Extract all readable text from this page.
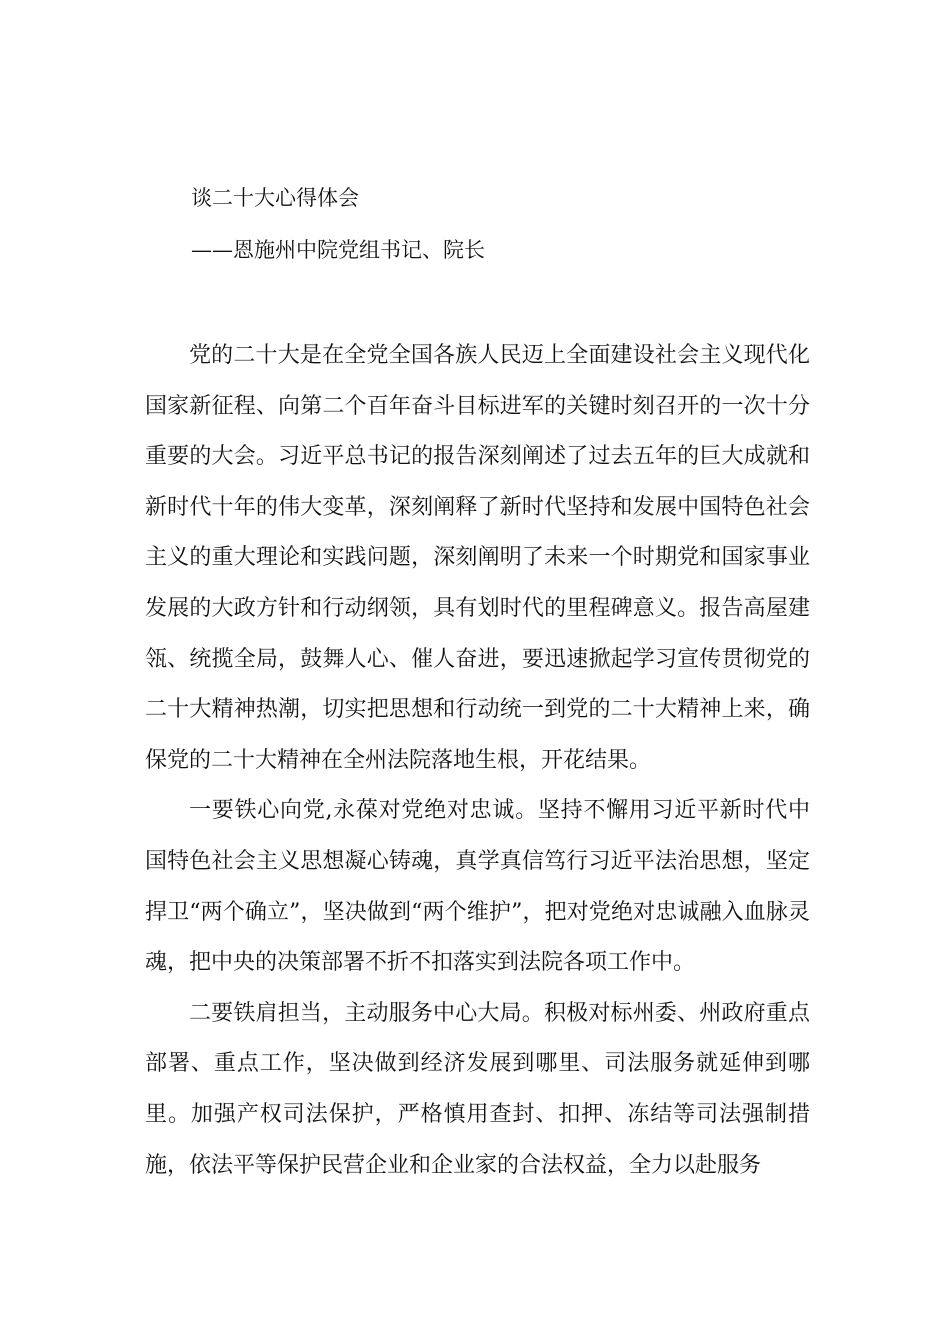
谈二十大心得体会

——恩施州中院党组书记、院长

党的二十大是在全党全国各族人民迈上全面建设社会主义现代化国家新征程、向第二个百年奋斗目标进军的关键时刻召开的一次十分重要的大会。习近平总书记的报告深刻阐述了过去五年的巨大成就和新时代十年的伟大变革，深刻阐释了新时代坚持和发展中国特色社会主义的重大理论和实践问题，深刻阐明了未来一个时期党和国家事业发展的大政方针和行动纲领，具有划时代的里程碑意义。报告高屋建瓴、统揽全局，鼓舞人心、催人奋进，要迅速掀起学习宣传贯彻党的二十大精神热潮，切实把思想和行动统一到党的二十大精神上来，确保党的二十大精神在全州法院落地生根，开花结果。

一要铁心向党,永葆对党绝对忠诚。坚持不懈用习近平新时代中国特色社会主义思想凝心铸魂，真学真信笃行习近平法治思想，坚定捍卫“两个确立”，坚决做到“两个维护”，把对党绝对忠诚融入血脉灵魂，把中央的决策部署不折不扣落实到法院各项工作中。

二要铁肩担当，主动服务中心大局。积极对标州委、州政府重点部署、重点工作，坚决做到经济发展到哪里、司法服务就延伸到哪里。加强产权司法保护，严格慎用查封、扣押、冻结等司法强制措施，依法平等保护民营企业和企业家的合法权益，全力以赴服务
